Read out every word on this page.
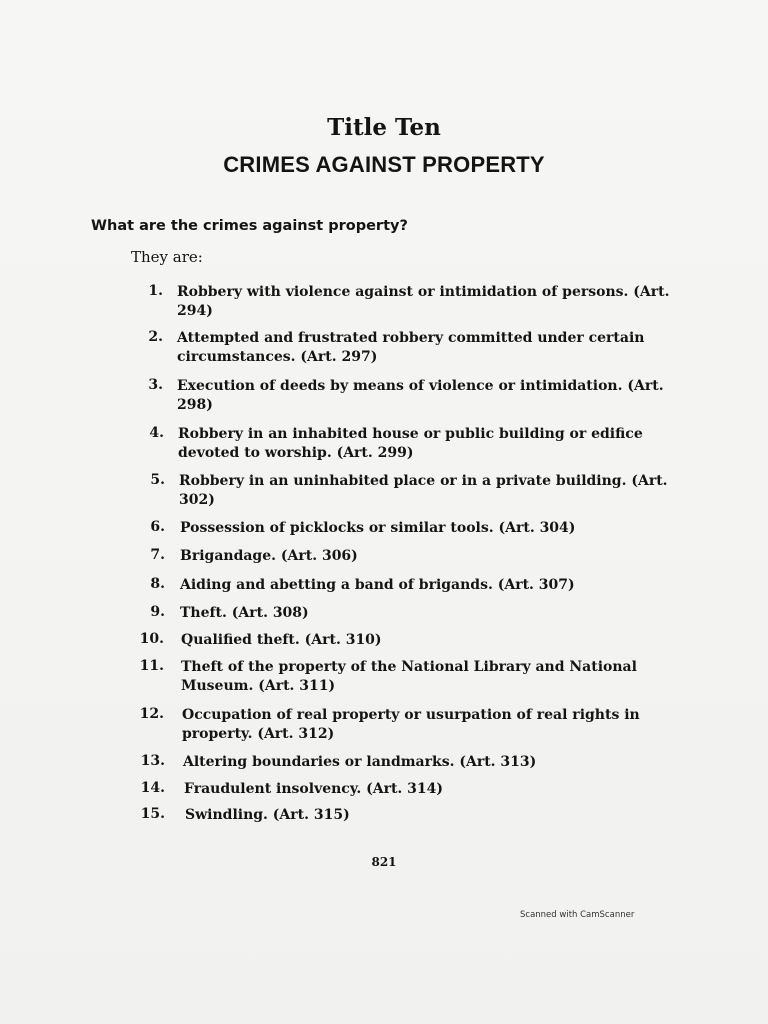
Title Ten
CRIMES AGAINST PROPERTY
What are the crimes against property?
They are:
1. Robbery with violence against or intimidation of persons. (Art. 294)
2. Attempted and frustrated robbery committed under certain circumstances. (Art. 297)
3. Execution of deeds by means of violence or intimidation. (Art. 298)
4. Robbery in an inhabited house or public building or edifice devoted to worship. (Art. 299)
5. Robbery in an uninhabited place or in a private building. (Art. 302)
6. Possession of picklocks or similar tools. (Art. 304)
7. Brigandage. (Art. 306)
8. Aiding and abetting a band of brigands. (Art. 307)
9. Theft. (Art. 308)
10. Qualified theft. (Art. 310)
11. Theft of the property of the National Library and National Museum. (Art. 311)
12. Occupation of real property or usurpation of real rights in property. (Art. 312)
13. Altering boundaries or landmarks. (Art. 313)
14. Fraudulent insolvency. (Art. 314)
15. Swindling. (Art. 315)
821
Scanned with CamScanner
